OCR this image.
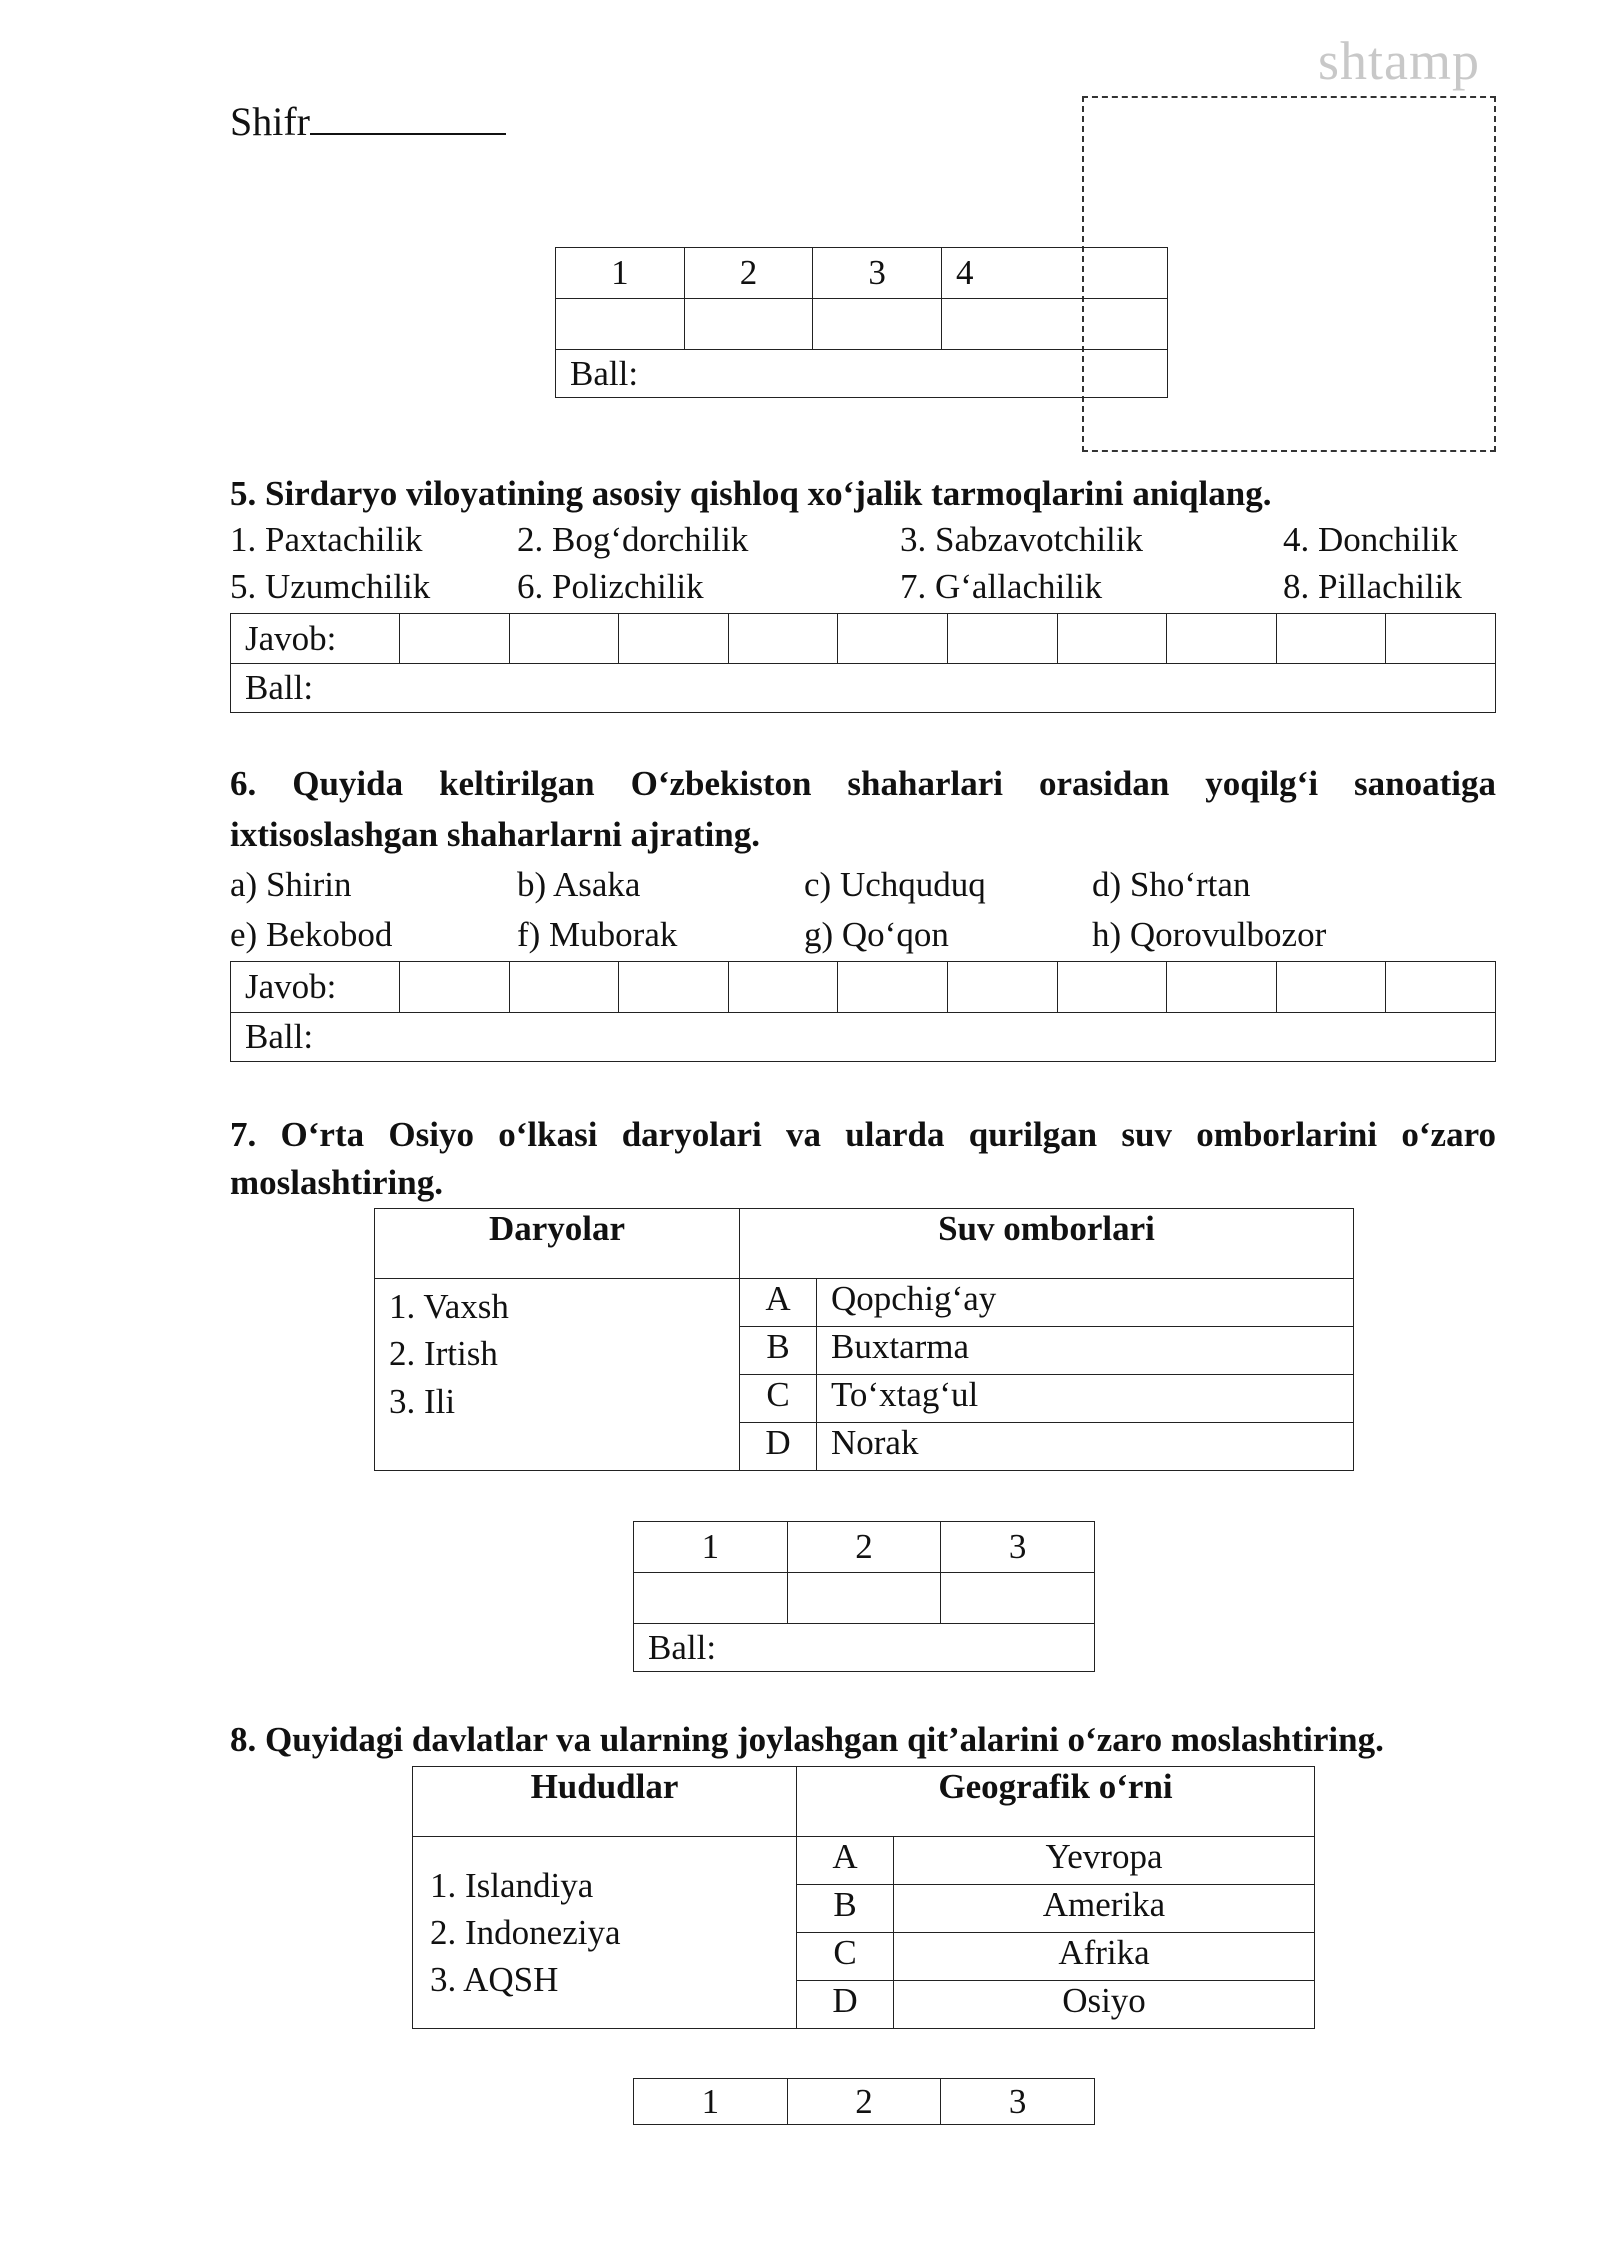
Shifr
shtamp
1	2	3	4

Ball:			
5. Sirdaryo viloyatining asosiy qishloq xo‘jalik tarmoqlarini aniqlang.
1. Paxtachilik	2. Bog‘dorchilik	3. Sabzavotchilik	4. Donchilik
5. Uzumchilik 6. Polizchilik	7. G‘allachilik	8. Pillachilik
Javob:										
Ball:
6. Quyida keltirilgan O‘zbekiston shaharlari orasidan yoqilg‘i sanoatiga
ixtisoslashgan shaharlarni ajrating.
a) Shirin	b) Asaka	c) Uchquduq	d) Sho‘rtan
e) Bekobod	f) Muborak	g) Qo‘qon	h) Qorovulbozor
Javob:										
Ball:
7. O‘rta Osiyo o‘lkasi daryolari va ularda qurilgan suv omborlarini o‘zaro
moslashtiring.
Daryolar	Suv omborlari	

1. Vaxsh
2. Irtish
3. Ili	A	Qopchig‘ay
	B	Buxtarma
	C	To‘xtag‘ul
	D	Norak
1	2	3

Ball:		
8. Quyidagi davlatlar va ularning joylashgan qit’alarini o‘zaro moslashtiring.
Hududlar	Geografik o‘rni	

1. Islandiya
2. Indoneziya
3. AQSH	A	Yevropa
	B	Amerika
	C	Afrika
	D	Osiyo
1	2	3
